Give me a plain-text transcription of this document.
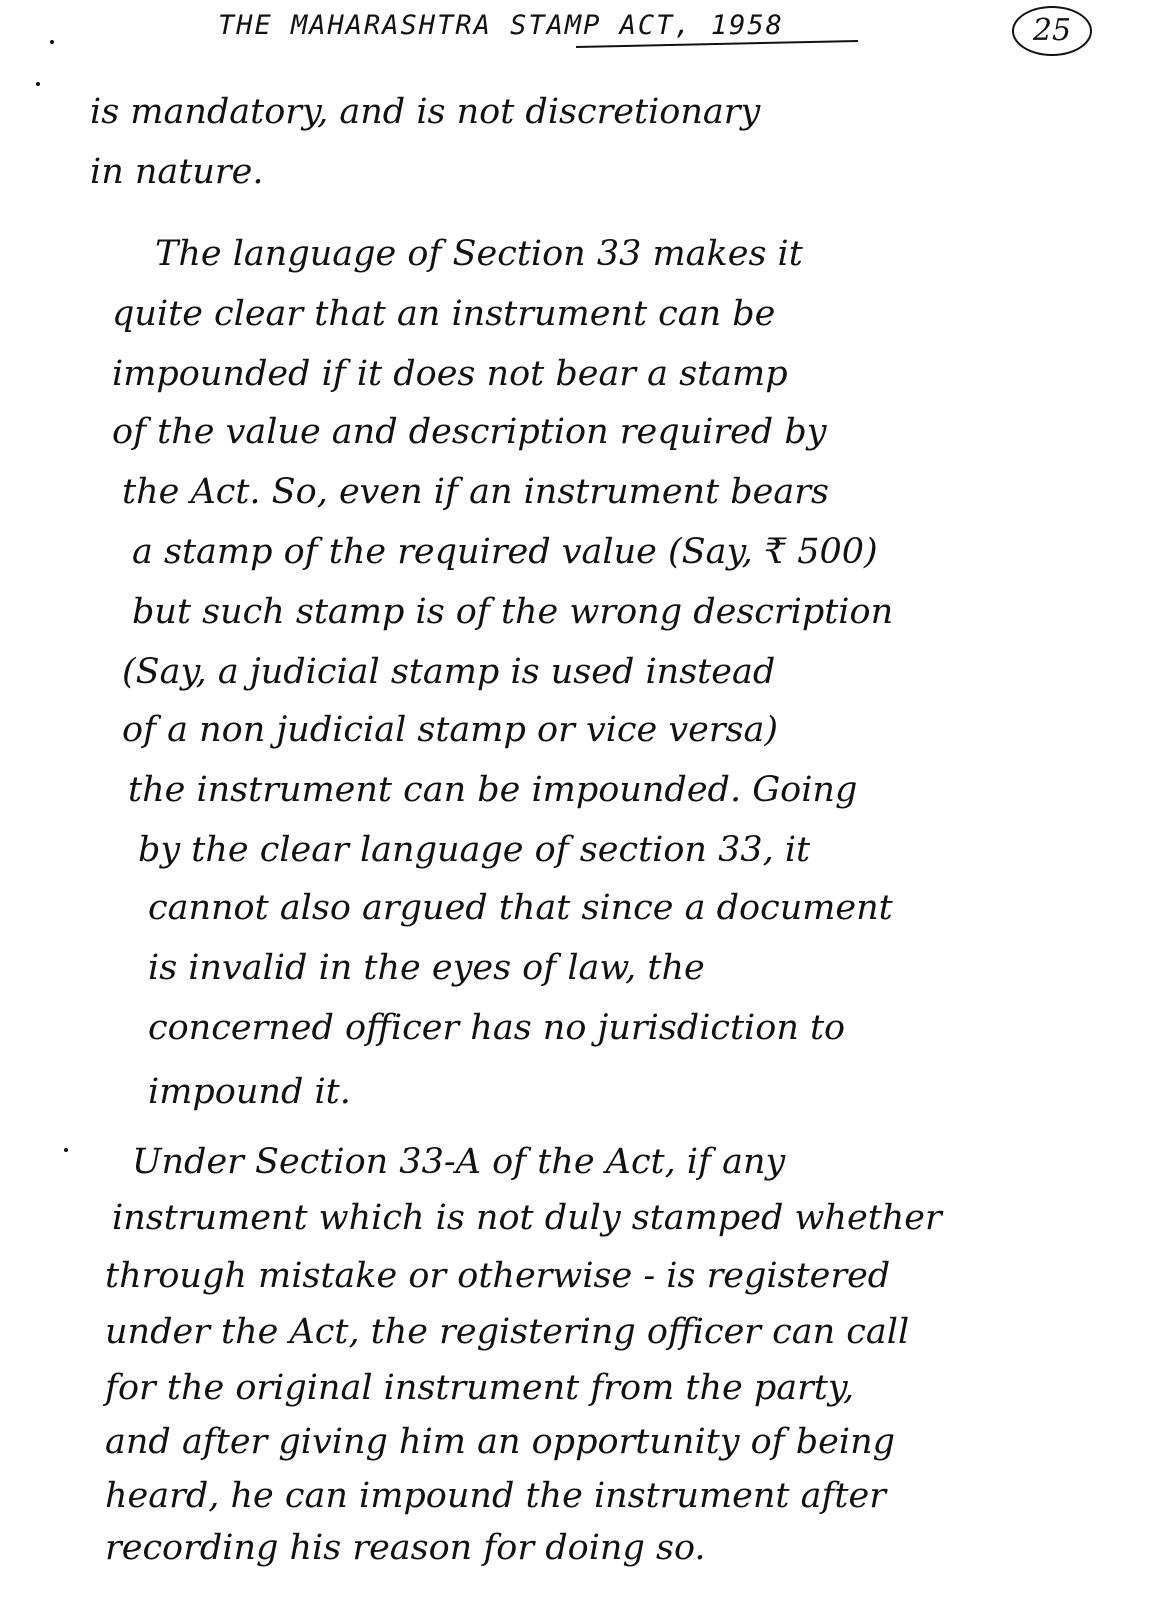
THE MAHARASHTRA STAMP ACT, 1958	25
is mandatory, and is not discretionary
in nature.
The language of Section 33 makes it
quite clear that an instrument can be
impounded if it does not bear a stamp
of the value and description required by
the Act. So, even if an instrument bears
a stamp of the required value (Say, ₹ 500)
but such stamp is of the wrong description
(Say, a judicial stamp is used instead
of a non judicial stamp or vice versa)
the instrument can be impounded. Going
by the clear language of section 33, it
cannot also argued that since a document
is invalid in the eyes of law, the
concerned officer has no jurisdiction to
impound it.
Under Section 33-A of the Act, if any
instrument which is not duly stamped whether
through mistake or otherwise - is registered
under the Act, the registering officer can call
for the original instrument from the party,
and after giving him an opportunity of being
heard, he can impound the instrument after
recording his reason for doing so.
